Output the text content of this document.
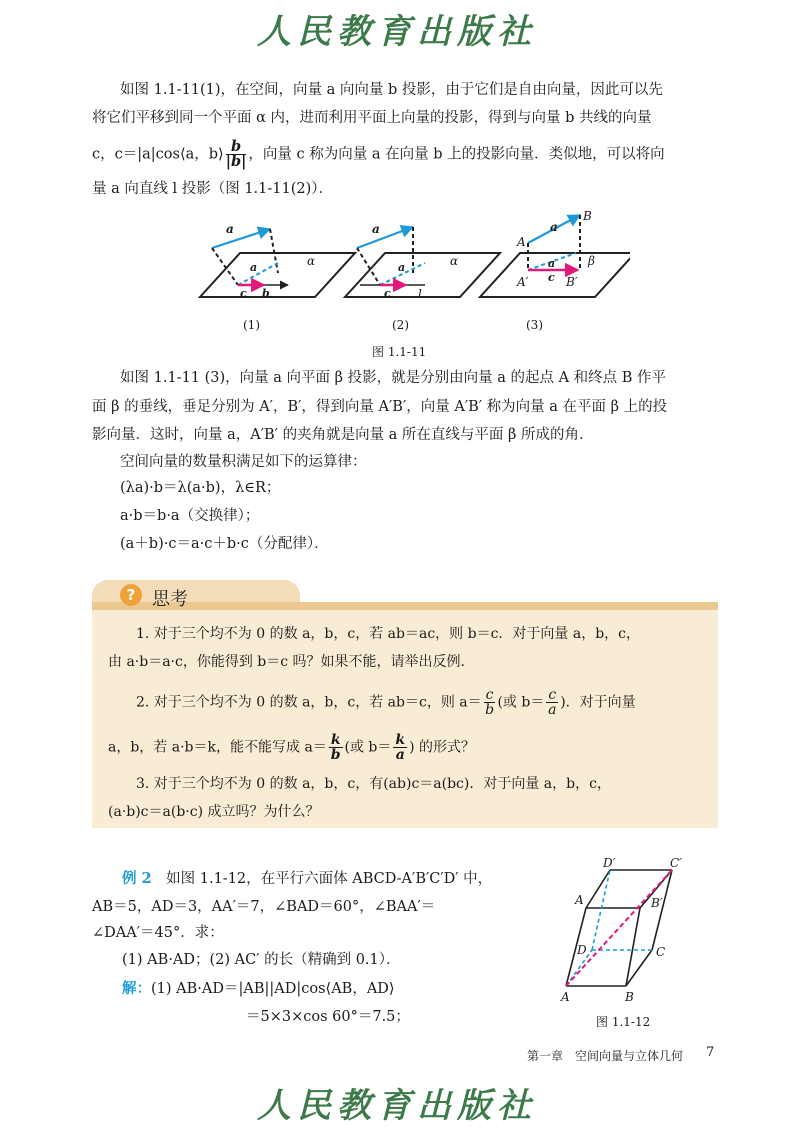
人民教育出版社
如图 1.1-11(1)，在空间，向量 a 向向量 b 投影，由于它们是自由向量，因此可以先
将它们平移到同一个平面 α 内，进而利用平面上向量的投影，得到与向量 b 共线的向量
c，c＝|a|cos⟨a，b⟩ $\frac{b}{|b|}$ ，向量 c 称为向量 a 在向量 b 上的投影向量．类似地，可以将向
量 a 向直线 l 投影（图 1.1-11(2)）．
a
a
c b
α
a
a
c l
α
A
B
a
a
c
A′	B′
β
(1)	(2)	(3)
图 1.1-11
如图 1.1-11 (3)，向量 a 向平面 β 投影，就是分别由向量 a 的起点 A 和终点 B 作平
面 β 的垂线，垂足分别为 A′，B′，得到向量 A′B′，向量 A′B′ 称为向量 a 在平面 β 上的投
影向量．这时，向量 a，A′B′ 的夹角就是向量 a 所在直线与平面 β 所成的角．
空间向量的数量积满足如下的运算律：
(λa)·b＝λ(a·b)，λ∈R；
a·b＝b·a（交换律）；
(a＋b)·c＝a·c＋b·c（分配律）．
? 思考
1. 对于三个均不为 0 的数 a，b，c，若 ab＝ac，则 b＝c．对于向量 a，b，c，
由 a·b＝a·c，你能得到 b＝c 吗？如果不能，请举出反例．
2. 对于三个均不为 0 的数 a，b，c，若 ab＝c，则 $a= \frac{c}{b}$ (或 $b= \frac{c}{a}$ )．对于向量
a，b，若 a·b＝k，能不能写成 $a= \frac{k}{b}$ (或 $b= \frac{k}{a}$ ) 的形式？
3. 对于三个均不为 0 的数 a，b，c，有(ab)c＝a(bc)．对于向量 a，b，c，
(a·b)c＝a(b·c) 成立吗？为什么？
例 2　 如图 1.1-12，在平行六面体 ABCD-A′B′C′D′ 中，
AB＝5，AD＝3，AA′＝7，∠BAD＝60°，∠BAA′＝
∠DAA′＝45°．求：
(1) AB·AD；(2) AC′ 的长（精确到 0.1）．
解：(1) AB·AD＝|AB||AD|cos⟨AB，AD⟩
＝5×3×cos 60°＝7.5；
D′	C′
A	B′
D	C
A	B
图 1.1-12
第一章　空间向量与立体几何 7
人民教育出版社
